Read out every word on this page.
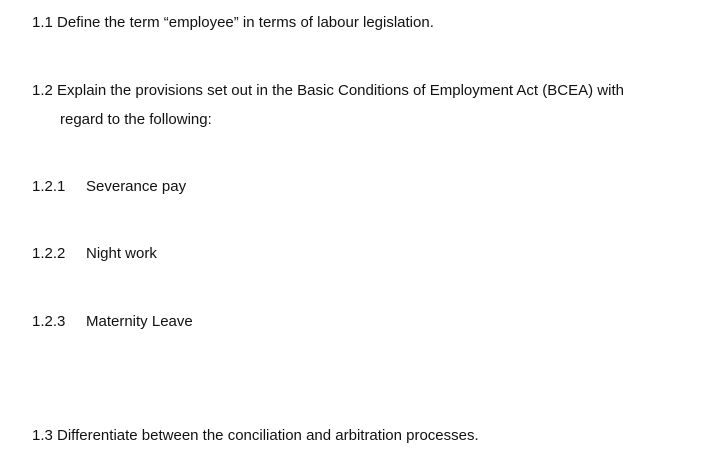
1.1 Define the term “employee” in terms of labour legislation.
1.2 Explain the provisions set out in the Basic Conditions of Employment Act (BCEA) with
regard to the following:
1.2.1 Severance pay
1.2.2 Night work
1.2.3 Maternity Leave
1.3 Differentiate between the conciliation and arbitration processes.
